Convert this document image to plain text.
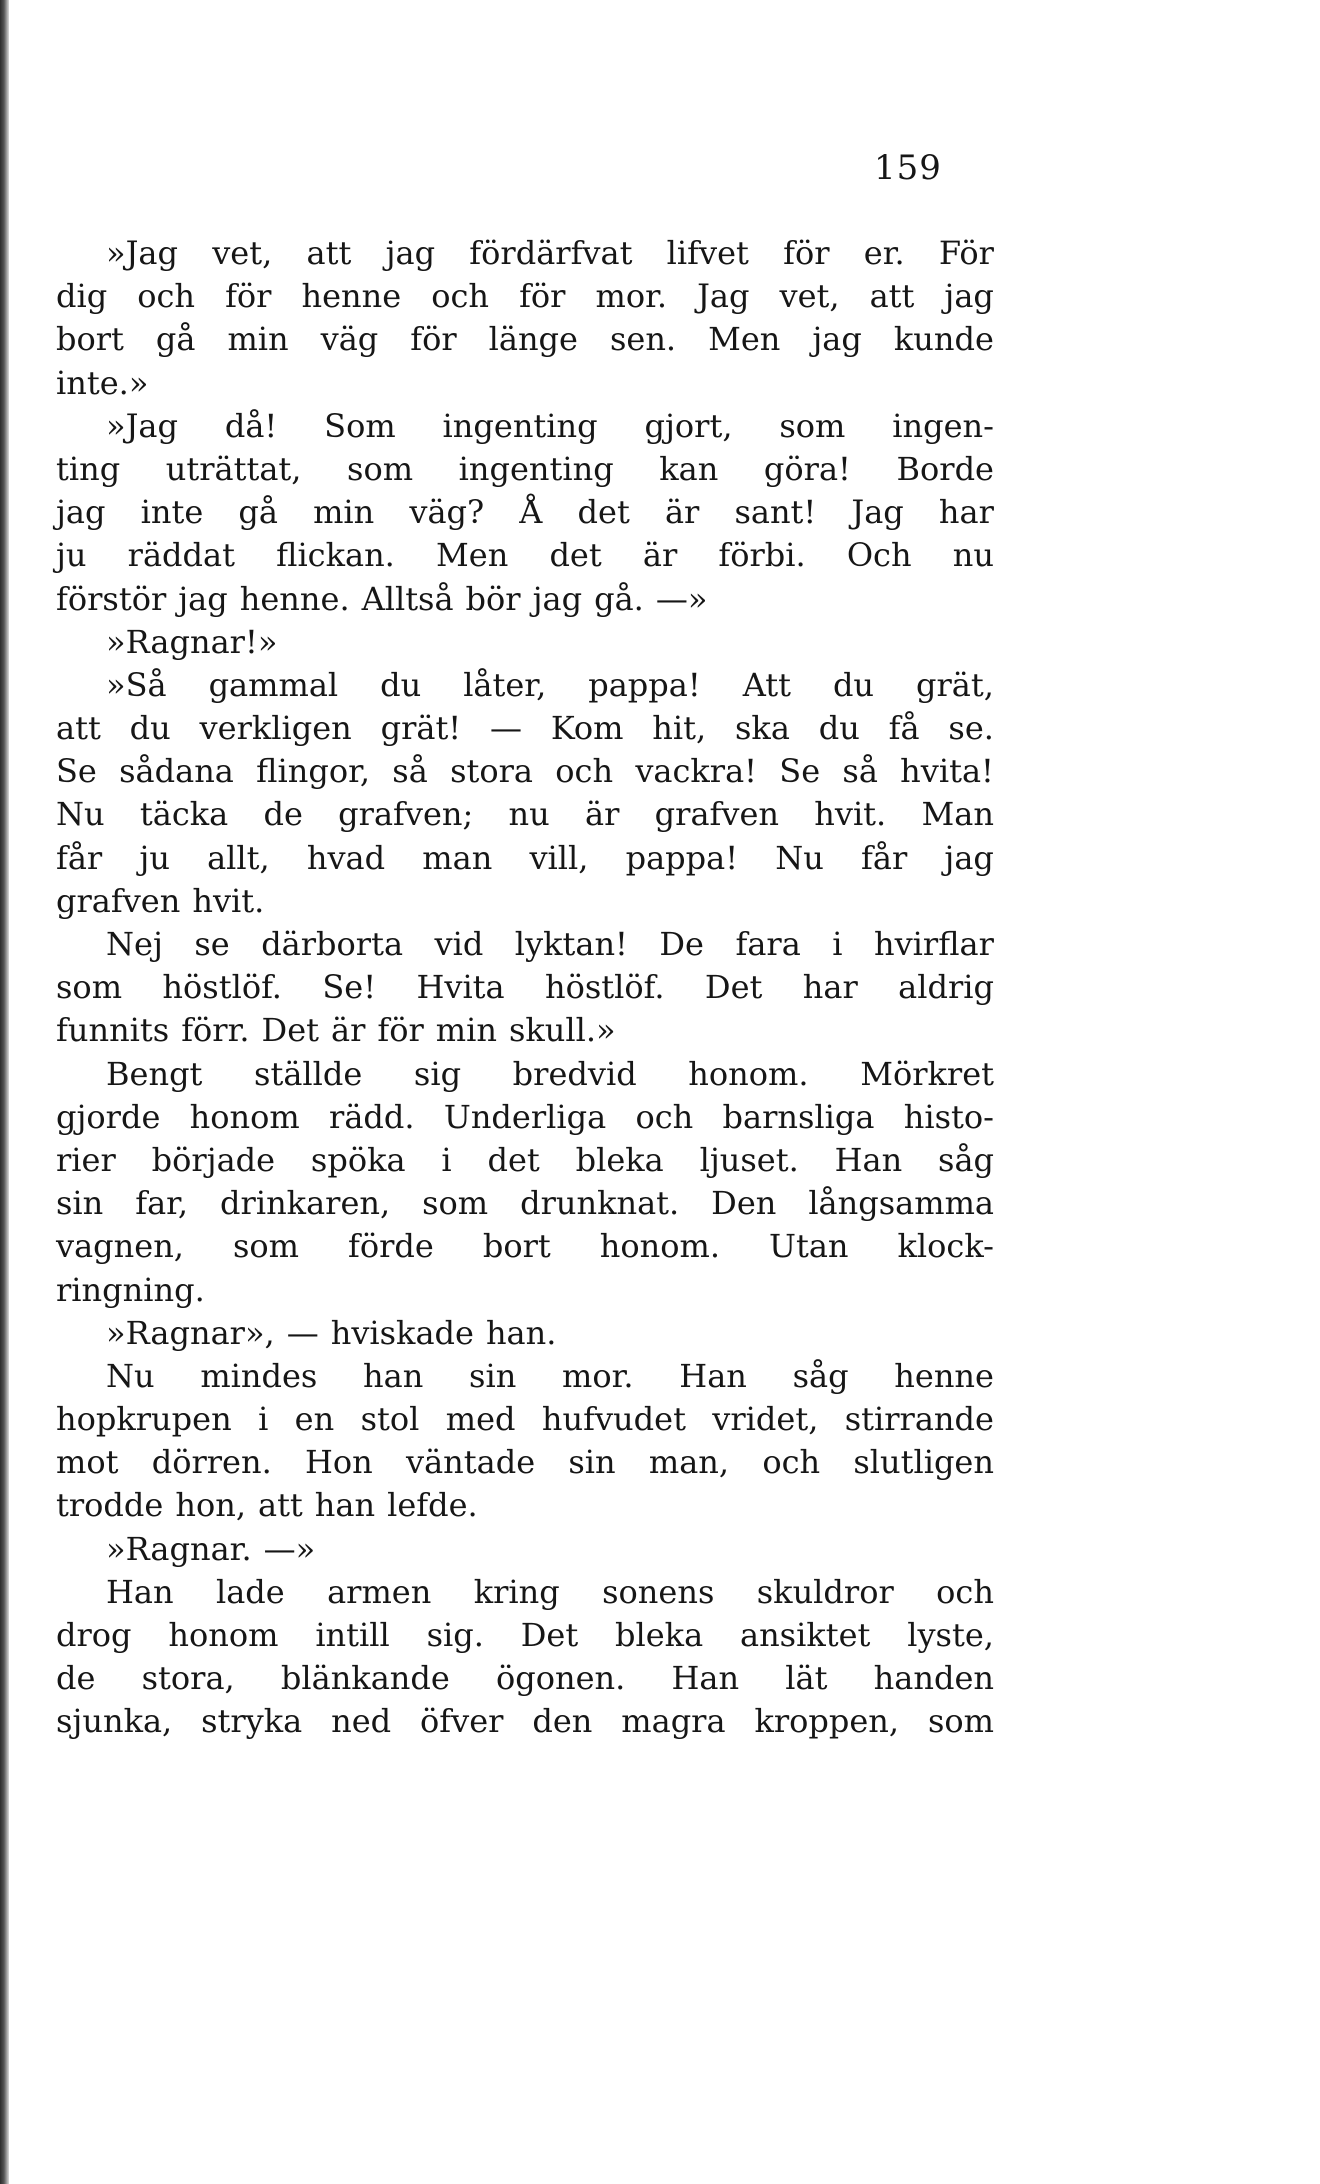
159
»Jag vet, att jag fördärfvat lifvet för er. För
dig och för henne och för mor. Jag vet, att jag
bort gå min väg för länge sen. Men jag kunde
inte.»
»Jag då! Som ingenting gjort, som ingen-
ting uträttat, som ingenting kan göra! Borde
jag inte gå min väg? Å det är sant! Jag har
ju räddat flickan. Men det är förbi. Och nu
förstör jag henne. Alltså bör jag gå. —»
»Ragnar!»
»Så gammal du låter, pappa! Att du grät,
att du verkligen grät! — Kom hit, ska du få se.
Se sådana flingor, så stora och vackra! Se så hvita!
Nu täcka de grafven; nu är grafven hvit. Man
får ju allt, hvad man vill, pappa! Nu får jag
grafven hvit.
Nej se därborta vid lyktan! De fara i hvirflar
som höstlöf. Se! Hvita höstlöf. Det har aldrig
funnits förr. Det är för min skull.»
Bengt ställde sig bredvid honom. Mörkret
gjorde honom rädd. Underliga och barnsliga histo-
rier började spöka i det bleka ljuset. Han såg
sin far, drinkaren, som drunknat. Den långsamma
vagnen, som förde bort honom. Utan klock-
ringning.
»Ragnar», — hviskade han.
Nu mindes han sin mor. Han såg henne
hopkrupen i en stol med hufvudet vridet, stirrande
mot dörren. Hon väntade sin man, och slutligen
trodde hon, att han lefde.
»Ragnar. —»
Han lade armen kring sonens skuldror och
drog honom intill sig. Det bleka ansiktet lyste,
de stora, blänkande ögonen. Han lät handen
sjunka, stryka ned öfver den magra kroppen, som
